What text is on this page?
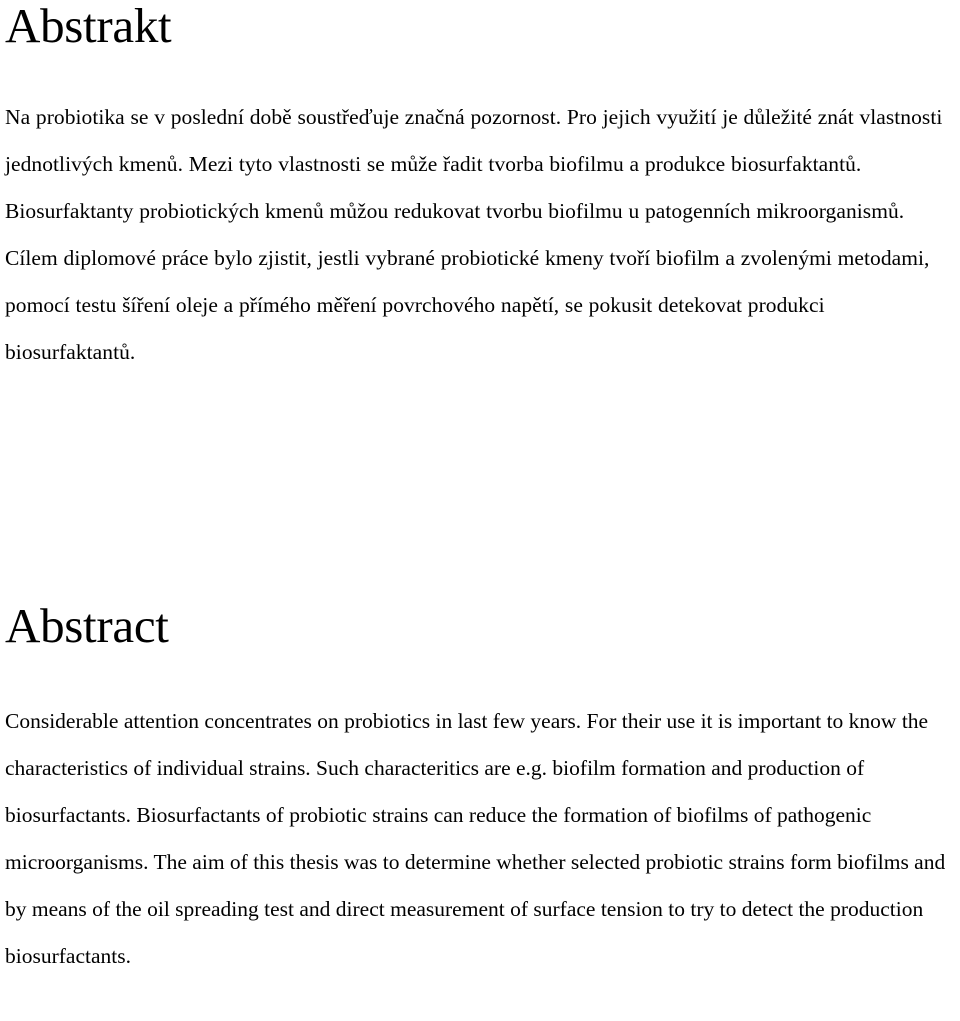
Abstrakt

Na probiotika se v poslední době soustřeďuje značná pozornost. Pro jejich využití je důležité znát vlastnosti jednotlivých kmenů. Mezi tyto vlastnosti se může řadit tvorba biofilmu a produkce biosurfaktantů. Biosurfaktanty probiotických kmenů můžou redukovat tvorbu biofilmu u patogenních mikroorganismů. Cílem diplomové práce bylo zjistit, jestli vybrané probiotické kmeny tvoří biofilm a zvolenými metodami, pomocí testu šíření oleje a přímého měření povrchového napětí, se pokusit detekovat produkci biosurfaktantů.

Abstract

Considerable attention concentrates on probiotics in last few years. For their use it is important to know the characteristics of individual strains. Such characteritics are e.g. biofilm formation and production of biosurfactants. Biosurfactants of probiotic strains can reduce the formation of biofilms of pathogenic microorganisms. The aim of this thesis was to determine whether selected probiotic strains form biofilms and by means of the oil spreading test and direct measurement of surface tension to try to detect the production biosurfactants.
